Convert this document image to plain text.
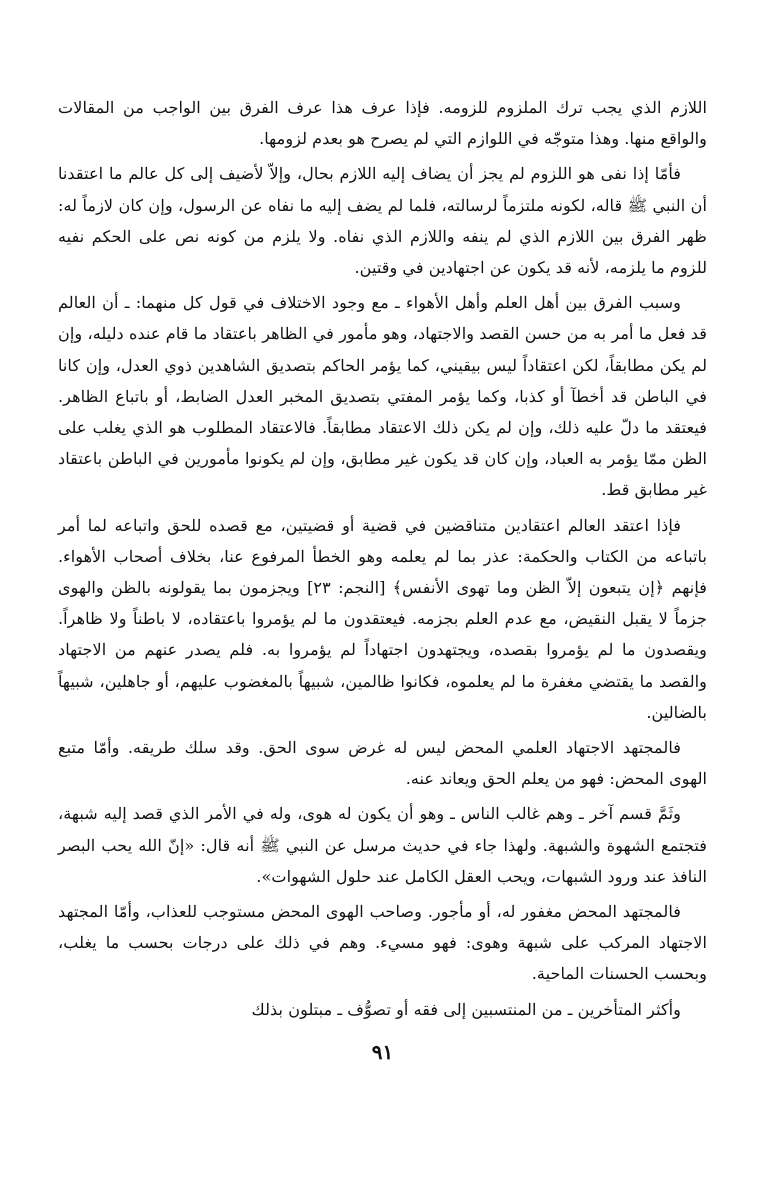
اللازم الذي يجب ترك الملزوم للزومه. فإذا عرف هذا عرف الفرق بين الواجب من المقالات والواقع منها. وهذا متوجّه في اللوازم التي لم يصرح هو بعدم لزومها.

فأمّا إذا نفى هو اللزوم لم يجز أن يضاف إليه اللازم بحال، وإلاّ لأضيف إلى كل عالم ما اعتقدنا أن النبي ﷺ قاله، لكونه ملتزماً لرسالته، فلما لم يضف إليه ما نفاه عن الرسول، وإن كان لازماً له: ظهر الفرق بين اللازم الذي لم ينفه واللازم الذي نفاه. ولا يلزم من كونه نص على الحكم نفيه للزوم ما يلزمه، لأنه قد يكون عن اجتهادين في وقتين.

وسبب الفرق بين أهل العلم وأهل الأهواء ـ مع وجود الاختلاف في قول كل منهما: ـ أن العالم قد فعل ما أمر به من حسن القصد والاجتهاد، وهو مأمور في الظاهر باعتقاد ما قام عنده دليله، وإن لم يكن مطابقاً، لكن اعتقاداً ليس بيقيني، كما يؤمر الحاكم بتصديق الشاهدين ذوي العدل، وإن كانا في الباطن قد أخطآ أو كذبا، وكما يؤمر المفتي بتصديق المخبر العدل الضابط، أو باتباع الظاهر. فيعتقد ما دلّ عليه ذلك، وإن لم يكن ذلك الاعتقاد مطابقاً. فالاعتقاد المطلوب هو الذي يغلب على الظن ممّا يؤمر به العباد، وإن كان قد يكون غير مطابق، وإن لم يكونوا مأمورين في الباطن باعتقاد غير مطابق قط.

فإذا اعتقد العالم اعتقادين متناقضين في قضية أو قضيتين، مع قصده للحق واتباعه لما أمر باتباعه من الكتاب والحكمة: عذر بما لم يعلمه وهو الخطأ المرفوع عنا، بخلاف أصحاب الأهواء. فإنهم ﴿إن يتبعون إلاّ الظن وما تهوى الأنفس﴾ [النجم: ٢٣] ويجزمون بما يقولونه بالظن والهوى جزماً لا يقبل النقيض، مع عدم العلم بجزمه. فيعتقدون ما لم يؤمروا باعتقاده، لا باطناً ولا ظاهراً. ويقصدون ما لم يؤمروا بقصده، ويجتهدون اجتهاداً لم يؤمروا به. فلم يصدر عنهم من الاجتهاد والقصد ما يقتضي مغفرة ما لم يعلموه، فكانوا ظالمين، شبيهاً بالمغضوب عليهم، أو جاهلين، شبيهاً بالضالين.

فالمجتهد الاجتهاد العلمي المحض ليس له غرض سوى الحق. وقد سلك طريقه. وأمّا متبع الهوى المحض: فهو من يعلم الحق ويعاند عنه.

وثَمَّ قسم آخر ـ وهم غالب الناس ـ وهو أن يكون له هوى، وله في الأمر الذي قصد إليه شبهة، فتجتمع الشهوة والشبهة. ولهذا جاء في حديث مرسل عن النبي ﷺ أنه قال: «إنّ الله يحب البصر النافذ عند ورود الشبهات، ويحب العقل الكامل عند حلول الشهوات».

فالمجتهد المحض مغفور له، أو مأجور. وصاحب الهوى المحض مستوجب للعذاب، وأمّا المجتهد الاجتهاد المركب على شبهة وهوى: فهو مسيء. وهم في ذلك على درجات بحسب ما يغلب، وبحسب الحسنات الماحية.

وأكثر المتأخرين ـ من المنتسبين إلى فقه أو تصوُّف ـ مبتلون بذلك

٩١
